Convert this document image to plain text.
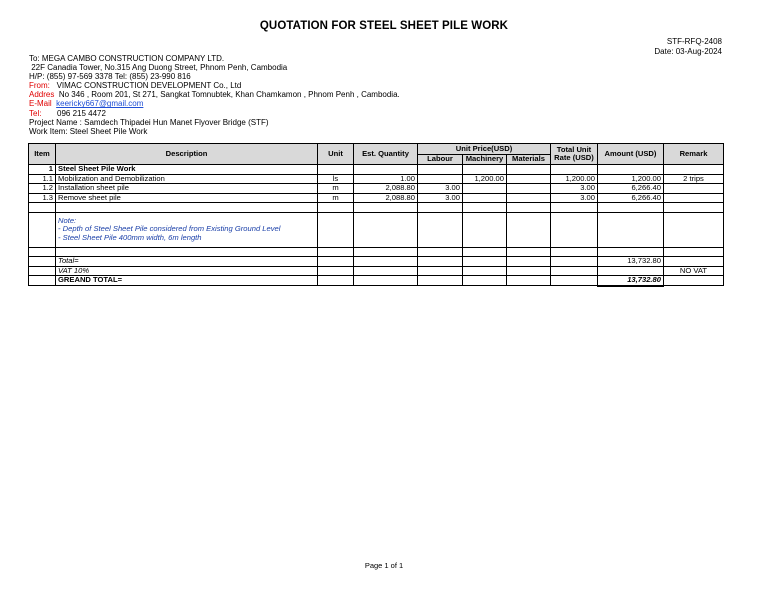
QUOTATION FOR STEEL SHEET PILE WORK
STF-RFQ-2408
Date: 03-Aug-2024
To: MEGA CAMBO CONSTRUCTION COMPANY LTD.
22F Canadia Tower, No.315 Ang Duong Street, Phnom Penh, Cambodia
H/P: (855) 97-569 3378 Tel: (855) 23-990 816
From: VIMAC CONSTRUCTION DEVELOPMENT Co., Ltd
Addres No 346 , Room 201, St 271, Sangkat Tomnubtek, Khan Chamkamon , Phnom Penh , Cambodia.
E-Mail keericky667@gmail.com
Tel: 096 215 4472
Project Name : Samdech Thipadei Hun Manet Flyover Bridge (STF)
Work Item: Steel Sheet Pile Work
Item	Description	Unit	Est. Quantity	Unit Price(USD)			Total Unit Rate (USD)	Amount (USD)	Remark
				Labour	Machinery	Materials			
1	Steel Sheet Pile Work								
1.1	Mobilization and Demobilization	ls	1.00		1,200.00		1,200.00	1,200.00	2 trips
1.2	Installation sheet pile	m	2,088.80	3.00			3.00	6,266.40	
1.3	Remove sheet pile	m	2,088.80	3.00			3.00	6,266.40	

	Note:
- Depth of Steel Sheet Pile considered from Existing Ground Level
- Steel Sheet Pile 400mm width, 6m length								

	Total=							13,732.80	
	VAT 10%								NO VAT
	GREAND TOTAL=							13,732.80	
Page 1 of 1
